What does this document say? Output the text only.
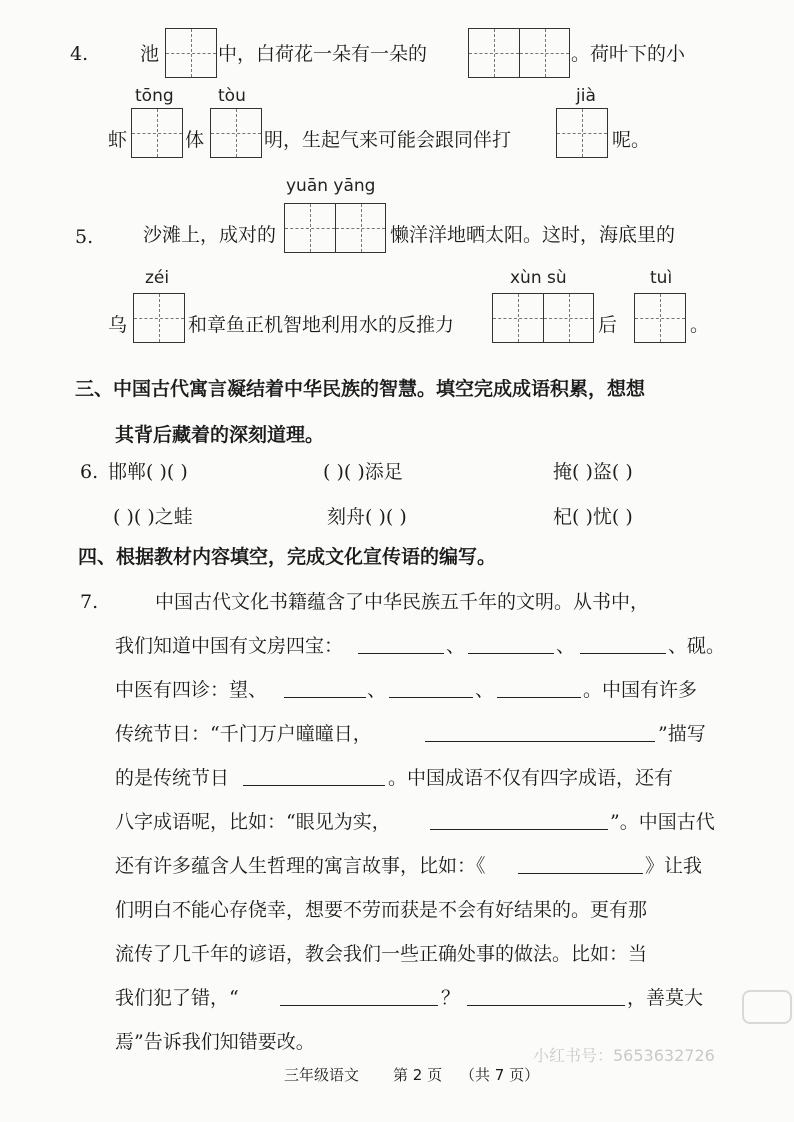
4.	池	中，白荷花一朵有一朵的	。荷叶下的小
tōng	tòu	jià
虾	体	明，生起气来可能会跟同伴打	呢。
yuān yāng
5.	沙滩上，成对的	懒洋洋地晒太阳。这时，海底里的
zéi	xùn sù	tuì
乌	和章鱼正机智地利用水的反推力	后	。
三、中国古代寓言凝结着中华民族的智慧。填空完成成语积累，想想
其背后藏着的深刻道理。
6. 邯郸( )( )	( )( )添足	掩( )盗( )
( )( )之蛙	刻舟( )( )	杞( )忧( )
四、根据教材内容填空，完成文化宣传语的编写。
7.	中国古代文化书籍蕴含了中华民族五千年的文明。从书中，
我们知道中国有文房四宝：	、	、	、砚。
中医有四诊：望、	、	、	。中国有许多
传统节日：“千门万户曈曈日，	”描写
的是传统节日	。中国成语不仅有四字成语，还有
八字成语呢，比如：“眼见为实，	”。中国古代
还有许多蕴含人生哲理的寓言故事，比如：《	》让我
们明白不能心存侥幸，想要不劳而获是不会有好结果的。更有那
流传了几千年的谚语，教会我们一些正确处事的做法。比如：当
我们犯了错，“	？	，善莫大
焉”告诉我们知错要改。
三年级语文 第 2 页 （共 7 页）
小红书号：5653632726
